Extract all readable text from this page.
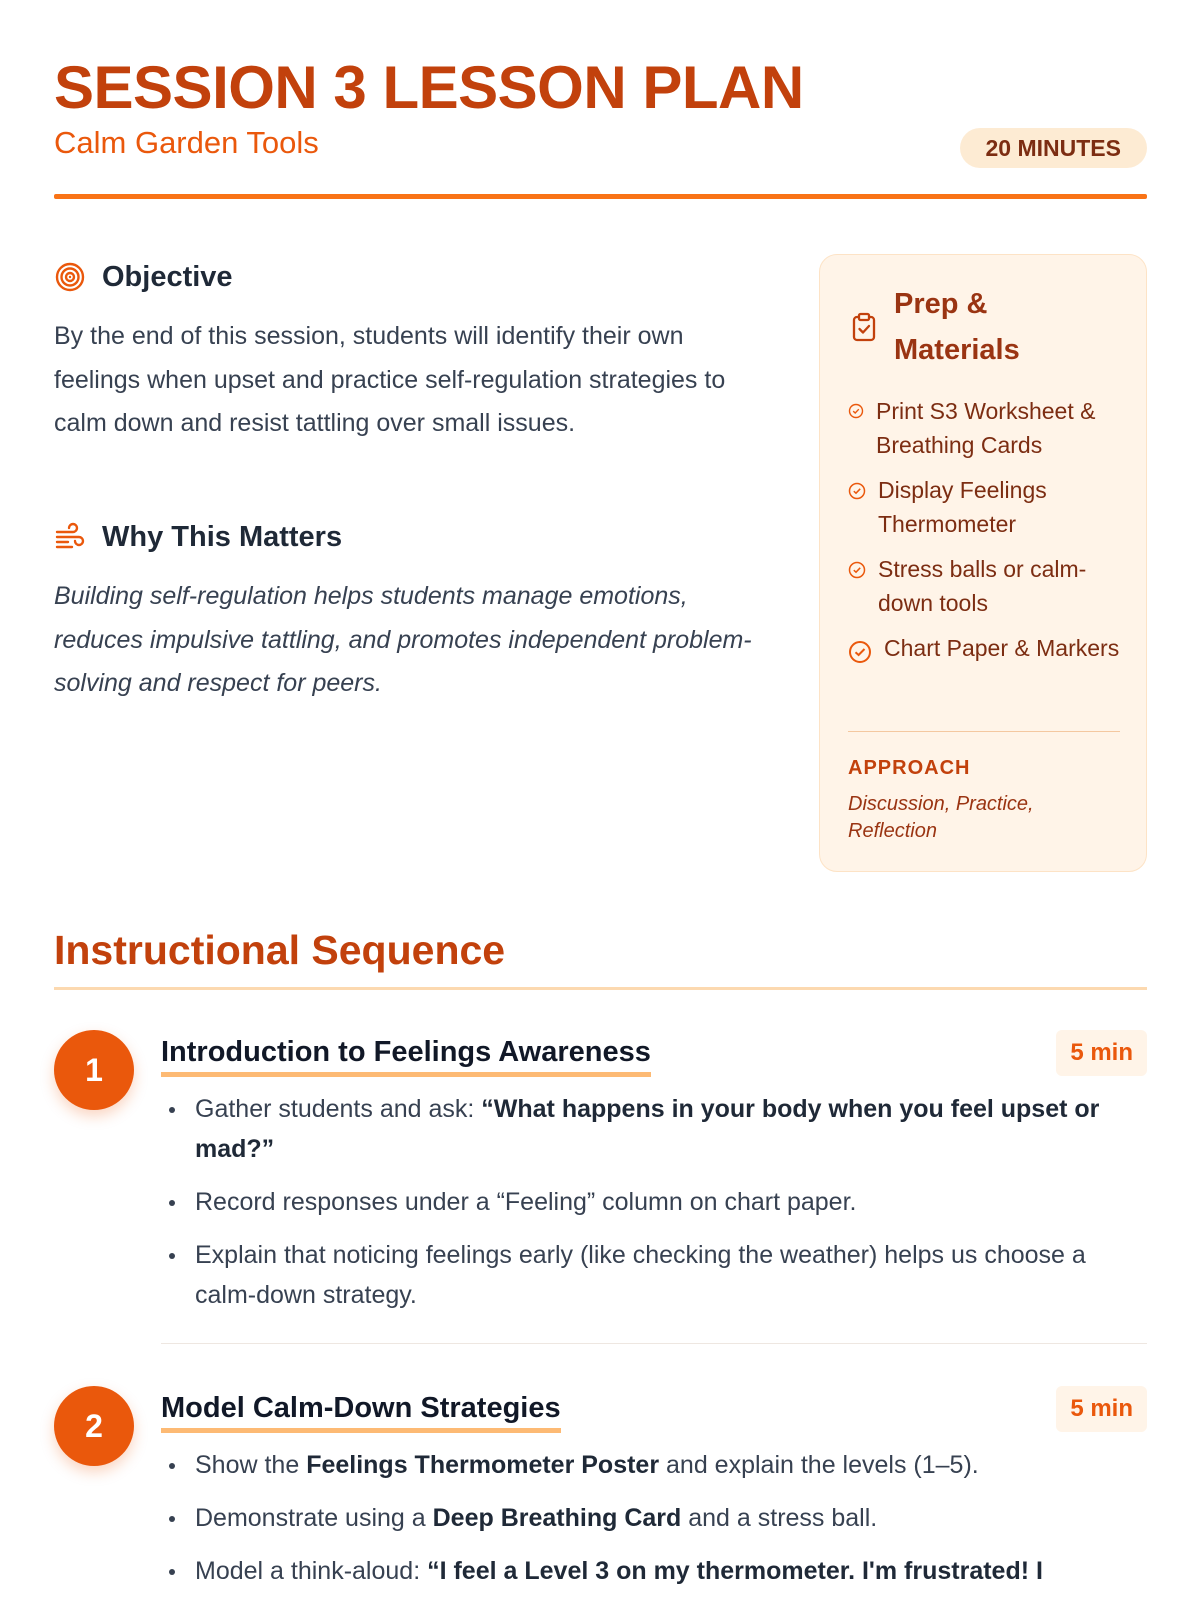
SESSION 3 LESSON PLAN
Calm Garden Tools	20 MINUTES
Objective

By the end of this session, students will identify their own feelings when upset and practice self-regulation strategies to calm down and resist tattling over small issues.

Why This Matters

Building self-regulation helps students manage emotions, reduces impulsive tattling, and promotes independent problem-solving and respect for peers.

Prep & Materials
Print S3 Worksheet & Breathing Cards
Display Feelings Thermometer
Stress balls or calm-down tools
Chart Paper & Markers
APPROACH
Discussion, Practice, Reflection
Instructional Sequence
1	Introduction to Feelings Awareness	5 min
Gather students and ask: “What happens in your body when you feel upset or mad?”
Record responses under a “Feeling” column on chart paper.
Explain that noticing feelings early (like checking the weather) helps us choose a calm-down strategy.
2	Model Calm-Down Strategies	5 min
Show the Feelings Thermometer Poster and explain the levels (1–5).
Demonstrate using a Deep Breathing Card and a stress ball.
Model a think-aloud: “I feel a Level 3 on my thermometer. I'm frustrated! I
